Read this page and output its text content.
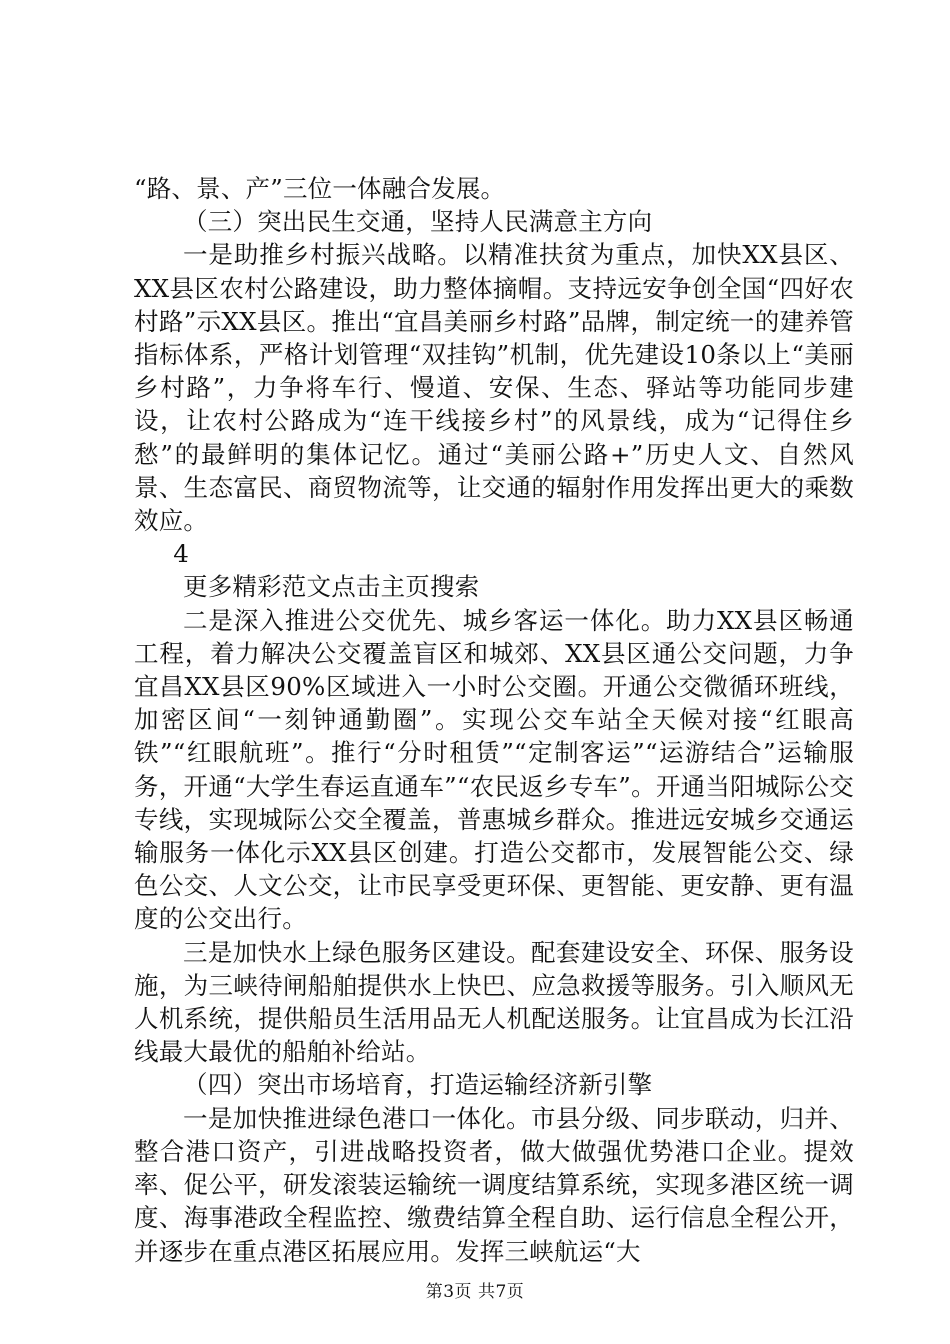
“路、景、产”三位一体融合发展。

（三）突出民生交通，坚持人民满意主方向

一是助推乡村振兴战略。以精准扶贫为重点，加快XX县区、XX县区农村公路建设，助力整体摘帽。支持远安争创全国“四好农村路”示XX县区。推出“宜昌美丽乡村路”品牌，制定统一的建养管指标体系，严格计划管理“双挂钩”机制，优先建设10条以上“美丽乡村路”，力争将车行、慢道、安保、生态、驿站等功能同步建设，让农村公路成为“连干线接乡村”的风景线，成为“记得住乡愁”的最鲜明的集体记忆。通过“美丽公路+”历史人文、自然风景、生态富民、商贸物流等，让交通的辐射作用发挥出更大的乘数效应。

4

更多精彩范文点击主页搜索

二是深入推进公交优先、城乡客运一体化。助力XX县区畅通工程，着力解决公交覆盖盲区和城郊、XX县区通公交问题，力争宜昌XX县区90%区域进入一小时公交圈。开通公交微循环班线，加密区间“一刻钟通勤圈”。实现公交车站全天候对接“红眼高铁”“红眼航班”。推行“分时租赁”“定制客运”“运游结合”运输服务，开通“大学生春运直通车”“农民返乡专车”。开通当阳城际公交专线，实现城际公交全覆盖，普惠城乡群众。推进远安城乡交通运输服务一体化示XX县区创建。打造公交都市，发展智能公交、绿色公交、人文公交，让市民享受更环保、更智能、更安静、更有温度的公交出行。

三是加快水上绿色服务区建设。配套建设安全、环保、服务设施，为三峡待闸船舶提供水上快巴、应急救援等服务。引入顺风无人机系统，提供船员生活用品无人机配送服务。让宜昌成为长江沿线最大最优的船舶补给站。

（四）突出市场培育，打造运输经济新引擎

一是加快推进绿色港口一体化。市县分级、同步联动，归并、整合港口资产，引进战略投资者，做大做强优势港口企业。提效率、促公平，研发滚装运输统一调度结算系统，实现多港区统一调度、海事港政全程监控、缴费结算全程自助、运行信息全程公开，并逐步在重点港区拓展应用。发挥三峡航运“大

第3页 共7页
